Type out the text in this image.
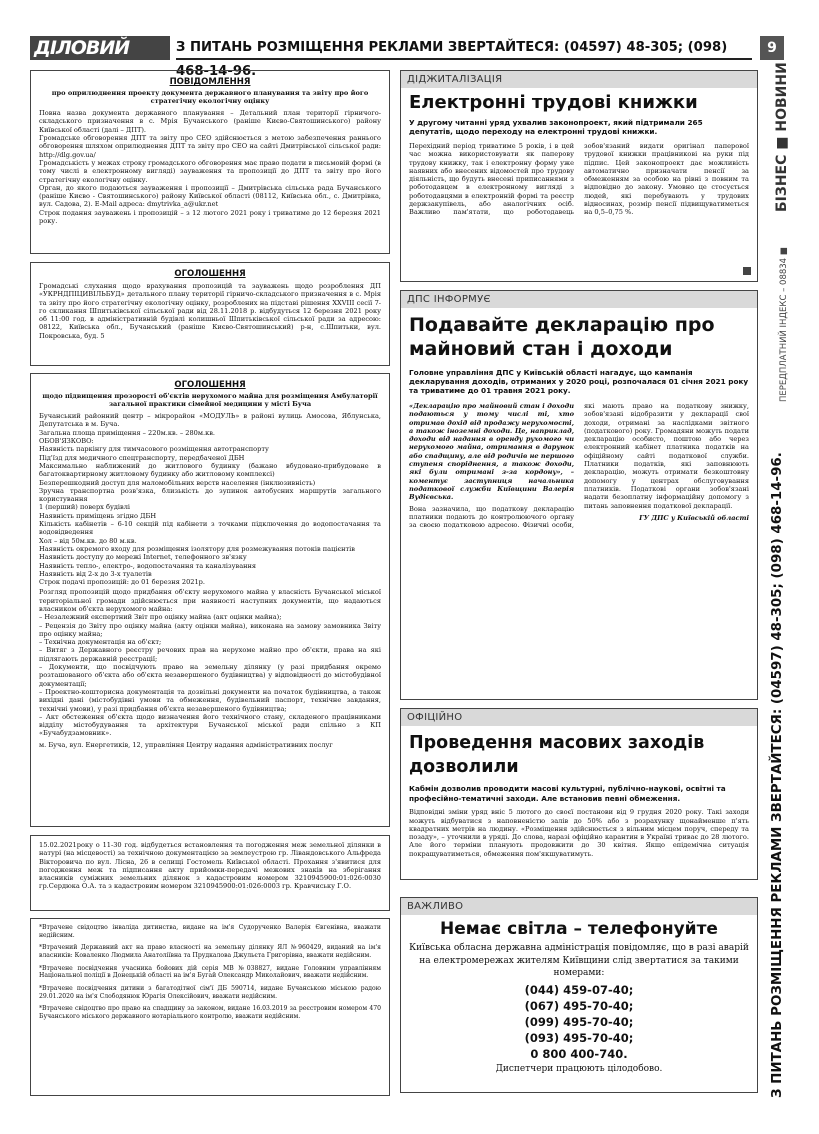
ДІЛОВИЙ ТИЖДЕНЬ
З ПИТАНЬ РОЗМІЩЕННЯ РЕКЛАМИ ЗВЕРТАЙТЕСЯ: (04597) 48-305; (098) 468-14-96.
9
БІЗНЕС ■ НОВИНИ
ПЕРЕДПЛАТНИЙ ІНДЕКС – 08834 ■
З ПИТАНЬ РОЗМІЩЕННЯ РЕКЛАМИ ЗВЕРТАЙТЕСЯ: (04597) 48-305; (098) 468-14-96.
ПОВІДОМЛЕННЯ
про оприлюднення проекту документа державного планування та звіту про його стратегічну екологічну оцінку

Повна назва документа державного планування – Детальний план території гірничого-складського призначення в с. Мрія Бучанського (раніше Києво-Святошинського) району Київської області (далі – ДПТ).

Громадське обговорення ДПТ та звіту про СЕО здійснюється з метою забезпечення раннього обговорення шляхом оприлюднення ДПТ та звіту про СЕО на сайті Дмитрівської сільської ради: http://dlg.gov.ua/

Громадськість у межах строку громадського обговорення має право подати в письмовій формі (в тому числі в електронному вигляді) зауваження та пропозиції до ДПТ та звіту про його стратегічну екологічну оцінку.

Орган, до якого подаються зауваження і пропозиції – Дмитрівська сільська рада Бучанського (раніше Києво - Святошинського) району Київської області (08112, Київська обл., с. Дмитрівка, вул. Садова, 2). E-Mail адреса: dmytrivka_a@ukr.net

Строк подання зауважень і пропозицій – з 12 лютого 2021 року і триватиме до 12 березня 2021 року.

ОГОЛОШЕННЯ

Громадські слухання щодо врахування пропозицій та зауважень щодо розроблення ДП «УКРНДПІЦИВІЛЬБУД» детального плану території гірничо-складського призначення в с. Мрія та звіту про його стратегічну екологічну оцінку, розроблених на підставі рішення XXVIII сесії 7-го скликання Шпитьківської сільської ради від 28.11.2018 р. відбудуться 12 березня 2021 року об 11:00 год. в адміністративній будівлі колишньої Шпитьківської сільської ради за адресою: 08122, Київська обл., Бучанський (раніше Києво-Святошинський) р-н, с.Шпитьки, вул. Покровська, буд. 5

ОГОЛОШЕННЯ
щодо підвищення прозорості об'єктів нерухомого майна для розміщення Амбулаторії загальної практики сімейної медицини у місті Буча
Бучанський районний центр – мікрорайон «МОДУЛЬ» в районі вулиць Амосова, Яблунська, Депутатська в м. Буча.
Загальна площа приміщення – 220м.кв. – 280м.кв.
ОБОВ'ЯЗКОВО:
Наявність паркінгу для тимчасового розміщення автотранспорту
Під'їзд для медичного спецтранспорту, передбаченої ДБН
Максимально наближений до житлового будинку (бажано вбудовано-прибудоване в багатоквартирному житловому будинку або житловому комплексі)
Безперешкодний доступ для маломобільних верств населення (інклюзивність)
Зручна транспортна розв'язка, близькість до зупинок автобусних маршрутів загального користування
1 (перший) поверх будівлі
Наявність приміщень згідно ДБН
Кількість кабінетів – 6-10 секцій під кабінети з точками підключення до водопостачання та водовідведення
Хол – від 50м.кв. до 80 м.кв.
Наявність окремого входу для розміщення ізолятору для розмежування потоків пацієнтів
Наявність доступу до мережі Internet, телефонного зв'язку
Наявність тепло-, електро-, водопостачання та каналізування
Наявність від 2-х до 3-х туалетів
Строк подачі пропозицій: до 01 березня 2021р.

Розгляд пропозицій щодо придбання об'єкту нерухомого майна у власність Бучанської міської територіальної громади здійснюється при наявності наступних документів, що надаються власником об'єкта нерухомого майна:

– Незалежний експертний Звіт про оцінку майна (акт оцінки майна);
– Рецензія до Звіту про оцінку майна (акту оцінки майна), виконана на замову замовника Звіту про оцінку майна;
– Технічна документація на об'єкт;
– Витяг з Державного реєстру речових прав на нерухоме майно про об'єкти, права на які підлягають державній реєстрації;
– Документи, що посвідчують право на земельну ділянку (у разі придбання окремо розташованого об'єкта або об'єкта незавершеного будівництва) у відповідності до містобудівної документації;
– Проектно-кошторисна документація та дозвільні документи на початок будівництва, а також вихідні дані (містобудівні умови та обмеження, будівельний паспорт, технічне завдання, технічні умови), у разі придбання об'єкта незавершеного будівництва;
– Акт обстеження об'єкта щодо визначення його технічного стану, складеного працівниками відділу містобудування та архітектури Бучанської міської ради спільно з КП «Бучабудзамовник».

м. Буча, вул. Енергетиків, 12, управління Центру надання адміністративних послуг

15.02.2021року о 11-30 год. відбудеться встановлення та погодження меж земельної ділянки в натурі (на місцевості) за технічною документацією за землеустрою гр. Лівандовського Альфреда Вікторовича по вул. Лісна, 26 в селищі Гостомель Київської області. Прохання з'явитися для погодження меж та підписання акту прийомки-передачі межових знаків на зберігання власників суміжних земельних ділянок з кадастровим номером 3210945900:01:026:0030 гр.Сердюка О.А. та з кадастровим номером 3210945900:01:026:0003 гр. Кравчиську Г.О.

*Втрачене свідоцтво інваліда дитинства, видане на ім'я Судорученко Валерія Євгенівна, вважати недійсним.
*Втрачений Державний акт на право власності на земельну ділянку ЯЛ №960429, виданий на ім'я власників: Коваленко Людмила Анатоліївна та Прудкалова Джульєта Григорівна, вважати недійсним.
*Втрачене посвідчення учасника бойових дій серія МВ №038827, видане Головним управлінням Національної поліції в Донецькій області на ім'я Бугай Олександр Миколайович, вважати недійсним.
*Втрачене посвідчення дитини з багатодітної сім'ї ДБ 590714, видане Бучанською міською радою 29.01.2020 на ім'я Слободянюк Юрагія Олексійович, вважати недійсним.
*Втрачене свідоцтво про право на спадщину за законом, видане 16.03.2019 за реєстровим номером 470 Бучанського міського державного нотаріального контролю, вважати недійсним.
ДІДЖИТАЛІЗАЦІЯ
Електронні трудові книжки
У другому читанні уряд ухвалив законопроект, який підтримали 265 депутатів, щодо переходу на електронні трудові книжки.
Перехідний період триватиме 5 років, і в цей час можна використовувати як паперову трудову книжку, так і електронну форму уже наявних або внесених відомостей про трудову діяльність, що будуть внесені приписаннями з роботодавцем в електронному вигляді з роботодавцями в електронній формі та реєстр держзакупівель, або аналогічних осіб. Важливо пам'ятати, що роботодавець зобов'язаний видати оригінал паперової трудової книжки працівникові на руки під підпис. Цей законопроект дає можливість автоматично призначати пенсії за обмеженням за особою на рівні з повним та відповідно до закону. Умовно це стосується людей, які перебувають у трудових відносинах, розмір пенсії підвищуватиметься на 0,5–0,75 %.
ДПС ІНФОРМУЄ
Подавайте декларацію про майновий стан і доходи
Головне управління ДПС у Київській області нагадує, що кампанія декларування доходів, отриманих у 2020 році, розпочалася 01 січня 2021 року та триватиме до 01 травня 2021 року.

«Декларацію про майновий стан і доходи подаються у тому числі ті, хто отримав дохід від продажу нерухомості, а також іноземні доходи. Це, наприклад, доходи від надання в оренду рухомого чи нерухомого майна, отримання в дарунок або спадщину, але від родичів не першого ступеня споріднення, а також доходи, які були отримані з-за кордону», – коментує заступниця начальника податкової служби Київщини Валерія Вудієвська.

Вона зазначила, що податкову декларацію платники подають до контролюючого органу за своєю податковою адресою. Фізичні особи, які мають право на податкову знижку, зобов'язані відобразити у декларації свої доходи, отримані за наслідками звітного (податкового) року. Громадяни можуть подати декларацію особисто, поштою або через електронний кабінет платника податків на офіційному сайті податкової служби. Платники податків, які заповнюють декларацію, можуть отримати безкоштовну допомогу у центрах обслуговування платників. Податкові органи зобов'язані надати безоплатну інформаційну допомогу з питань заповнення податкової декларації.

ГУ ДПС у Київській області

ОФІЦІЙНО
Проведення масових заходів дозволили
Кабмін дозволив проводити масові культурні, публічно-наукові, освітні та професійно-тематичні заходи. Але встановив певні обмеження.

Відповідні зміни уряд вніс 5 лютого до своєї постанови від 9 грудня 2020 року. Такі заходи можуть відбуватися з наповненістю залів до 50% або з розрахунку щонайменше п'ять квадратних метрів на людину. «Розміщення здійснюється з вільним місцем поруч, спереду та позаду», – уточнили в уряді. До слова, наразі офіційно карантин в Україні триває до 28 лютого. Але його терміни планують продовжити до 30 квітня. Якщо епідемічна ситуація покращуватиметься, обмеження пом'якшуватимуть.

ВАЖЛИВО
Немає світла – телефонуйте

Київська обласна державна адміністрація повідомляє, що в разі аварій на електромережах жителям Київщини слід звертатися за такими номерами:

(044) 459-07-40;
(067) 495-70-40;
(099) 495-70-40;
(093) 495-70-40;
0 800 400-740.

Диспетчери працюють цілодобово.
